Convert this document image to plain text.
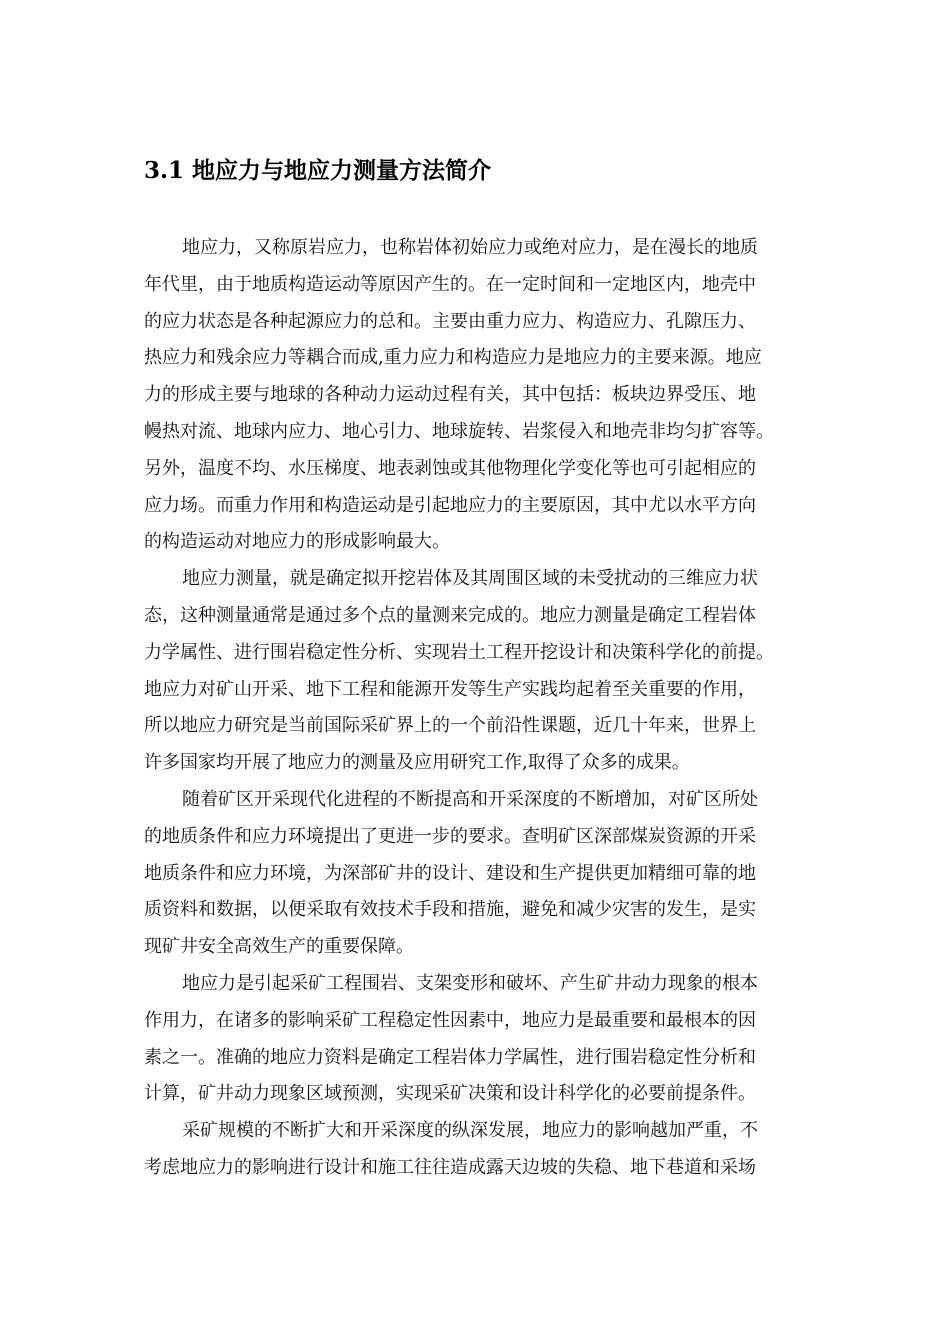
3.1 地应力与地应力测量方法简介
地应力，又称原岩应力，也称岩体初始应力或绝对应力，是在漫长的地质
年代里，由于地质构造运动等原因产生的。在一定时间和一定地区内，地壳中
的应力状态是各种起源应力的总和。主要由重力应力、构造应力、孔隙压力、
热应力和残余应力等耦合而成,重力应力和构造应力是地应力的主要来源。地应
力的形成主要与地球的各种动力运动过程有关，其中包括：板块边界受压、地
幔热对流、地球内应力、地心引力、地球旋转、岩浆侵入和地壳非均匀扩容等。
另外，温度不均、水压梯度、地表剥蚀或其他物理化学变化等也可引起相应的
应力场。而重力作用和构造运动是引起地应力的主要原因，其中尤以水平方向
的构造运动对地应力的形成影响最大。
地应力测量，就是确定拟开挖岩体及其周围区域的未受扰动的三维应力状
态，这种测量通常是通过多个点的量测来完成的。地应力测量是确定工程岩体
力学属性、进行围岩稳定性分析、实现岩土工程开挖设计和决策科学化的前提。
地应力对矿山开采、地下工程和能源开发等生产实践均起着至关重要的作用，
所以地应力研究是当前国际采矿界上的一个前沿性课题，近几十年来，世界上
许多国家均开展了地应力的测量及应用研究工作,取得了众多的成果。
随着矿区开采现代化进程的不断提高和开采深度的不断增加，对矿区所处
的地质条件和应力环境提出了更进一步的要求。查明矿区深部煤炭资源的开采
地质条件和应力环境，为深部矿井的设计、建设和生产提供更加精细可靠的地
质资料和数据，以便采取有效技术手段和措施，避免和减少灾害的发生，是实
现矿井安全高效生产的重要保障。
地应力是引起采矿工程围岩、支架变形和破坏、产生矿井动力现象的根本
作用力，在诸多的影响采矿工程稳定性因素中，地应力是最重要和最根本的因
素之一。准确的地应力资料是确定工程岩体力学属性，进行围岩稳定性分析和
计算，矿井动力现象区域预测，实现采矿决策和设计科学化的必要前提条件。
采矿规模的不断扩大和开采深度的纵深发展，地应力的影响越加严重，不
考虑地应力的影响进行设计和施工往往造成露天边坡的失稳、地下巷道和采场
